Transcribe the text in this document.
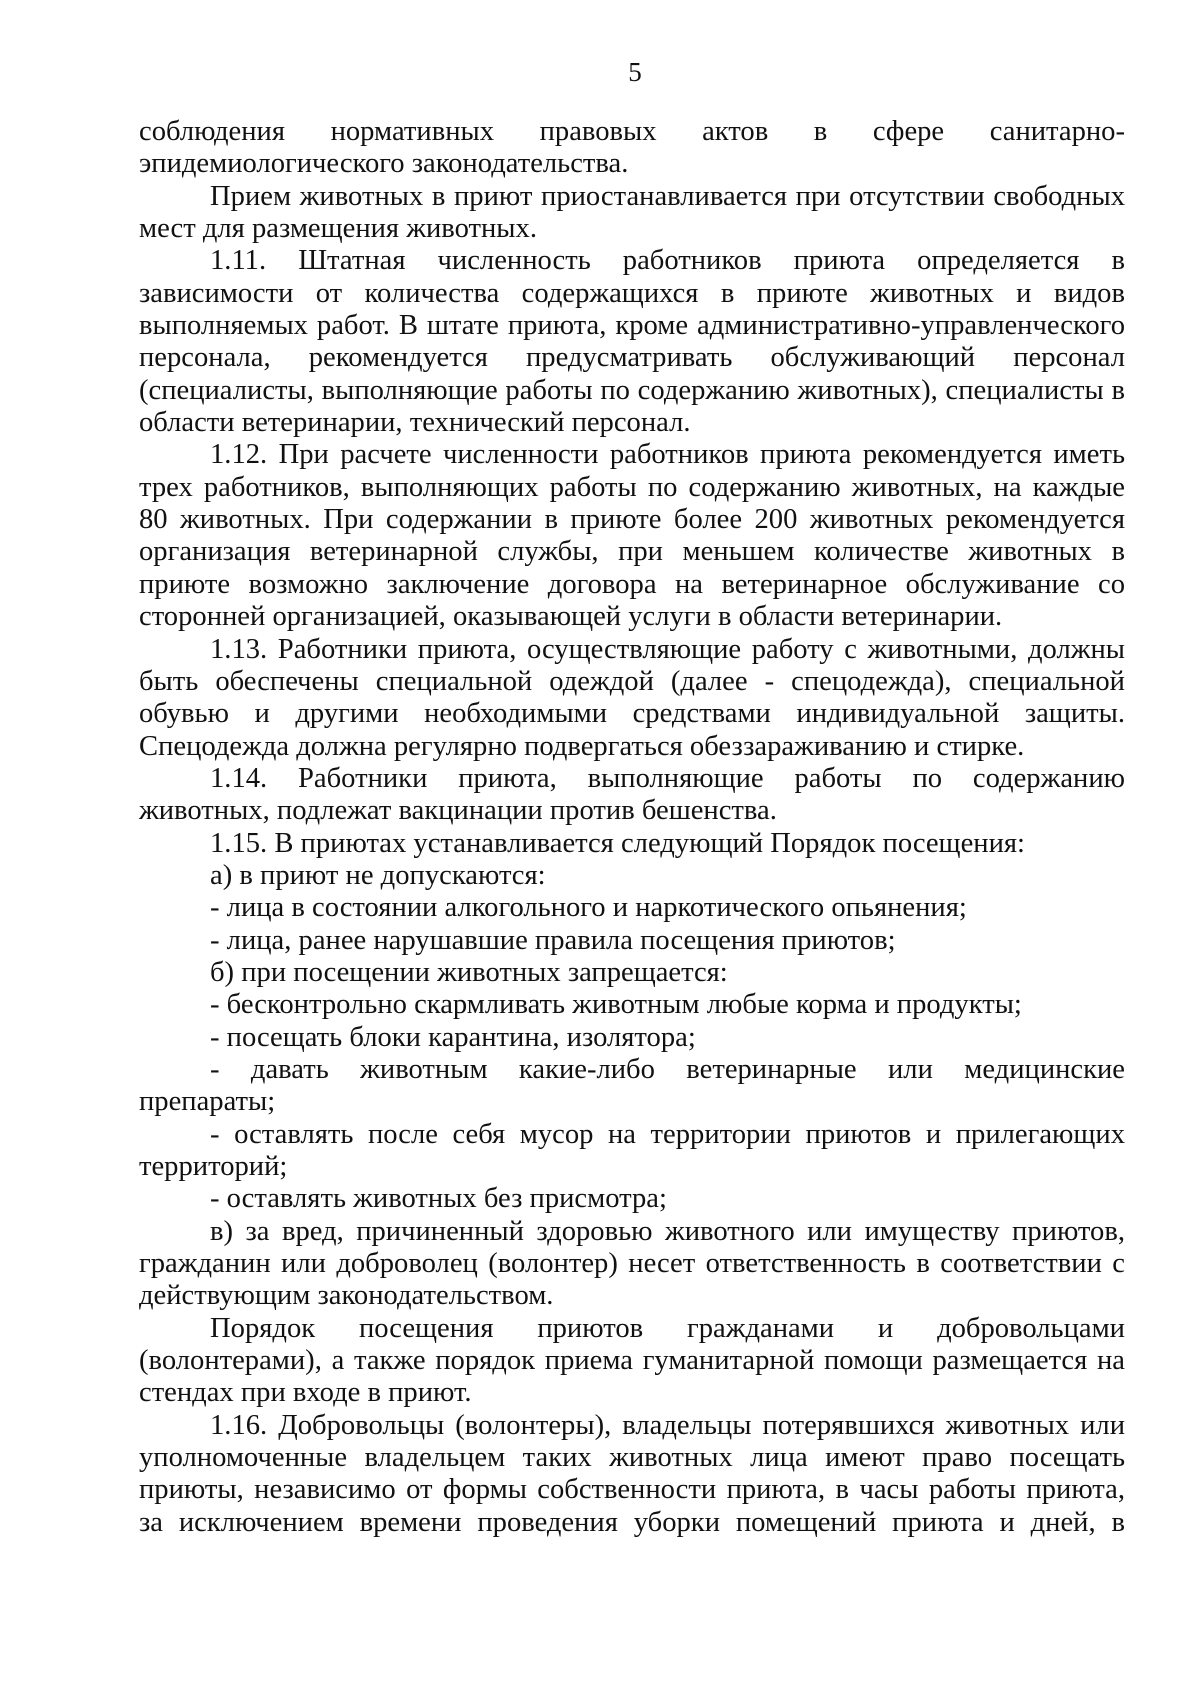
5
соблюдения нормативных правовых актов в сфере санитарно-
эпидемиологического законодательства.
Прием животных в приют приостанавливается при отсутствии свободных
мест для размещения животных.
1.11. Штатная численность работников приюта определяется в
зависимости от количества содержащихся в приюте животных и видов
выполняемых работ. В штате приюта, кроме административно-управленческого
персонала, рекомендуется предусматривать обслуживающий персонал
(специалисты, выполняющие работы по содержанию животных), специалисты в
области ветеринарии, технический персонал.
1.12. При расчете численности работников приюта рекомендуется иметь
трех работников, выполняющих работы по содержанию животных, на каждые
80 животных. При содержании в приюте более 200 животных рекомендуется
организация ветеринарной службы, при меньшем количестве животных в
приюте возможно заключение договора на ветеринарное обслуживание со
сторонней организацией, оказывающей услуги в области ветеринарии.
1.13. Работники приюта, осуществляющие работу с животными, должны
быть обеспечены специальной одеждой (далее - спецодежда), специальной
обувью и другими необходимыми средствами индивидуальной защиты.
Спецодежда должна регулярно подвергаться обеззараживанию и стирке.
1.14. Работники приюта, выполняющие работы по содержанию
животных, подлежат вакцинации против бешенства.
1.15. В приютах устанавливается следующий Порядок посещения:
а) в приют не допускаются:
- лица в состоянии алкогольного и наркотического опьянения;
- лица, ранее нарушавшие правила посещения приютов;
б) при посещении животных запрещается:
- бесконтрольно скармливать животным любые корма и продукты;
- посещать блоки карантина, изолятора;
- давать животным какие-либо ветеринарные или медицинские
препараты;
- оставлять после себя мусор на территории приютов и прилегающих
территорий;
- оставлять животных без присмотра;
в) за вред, причиненный здоровью животного или имуществу приютов,
гражданин или доброволец (волонтер) несет ответственность в соответствии с
действующим законодательством.
Порядок посещения приютов гражданами и добровольцами
(волонтерами), а также порядок приема гуманитарной помощи размещается на
стендах при входе в приют.
1.16. Добровольцы (волонтеры), владельцы потерявшихся животных или
уполномоченные владельцем таких животных лица имеют право посещать
приюты, независимо от формы собственности приюта, в часы работы приюта,
за исключением времени проведения уборки помещений приюта и дней, в
